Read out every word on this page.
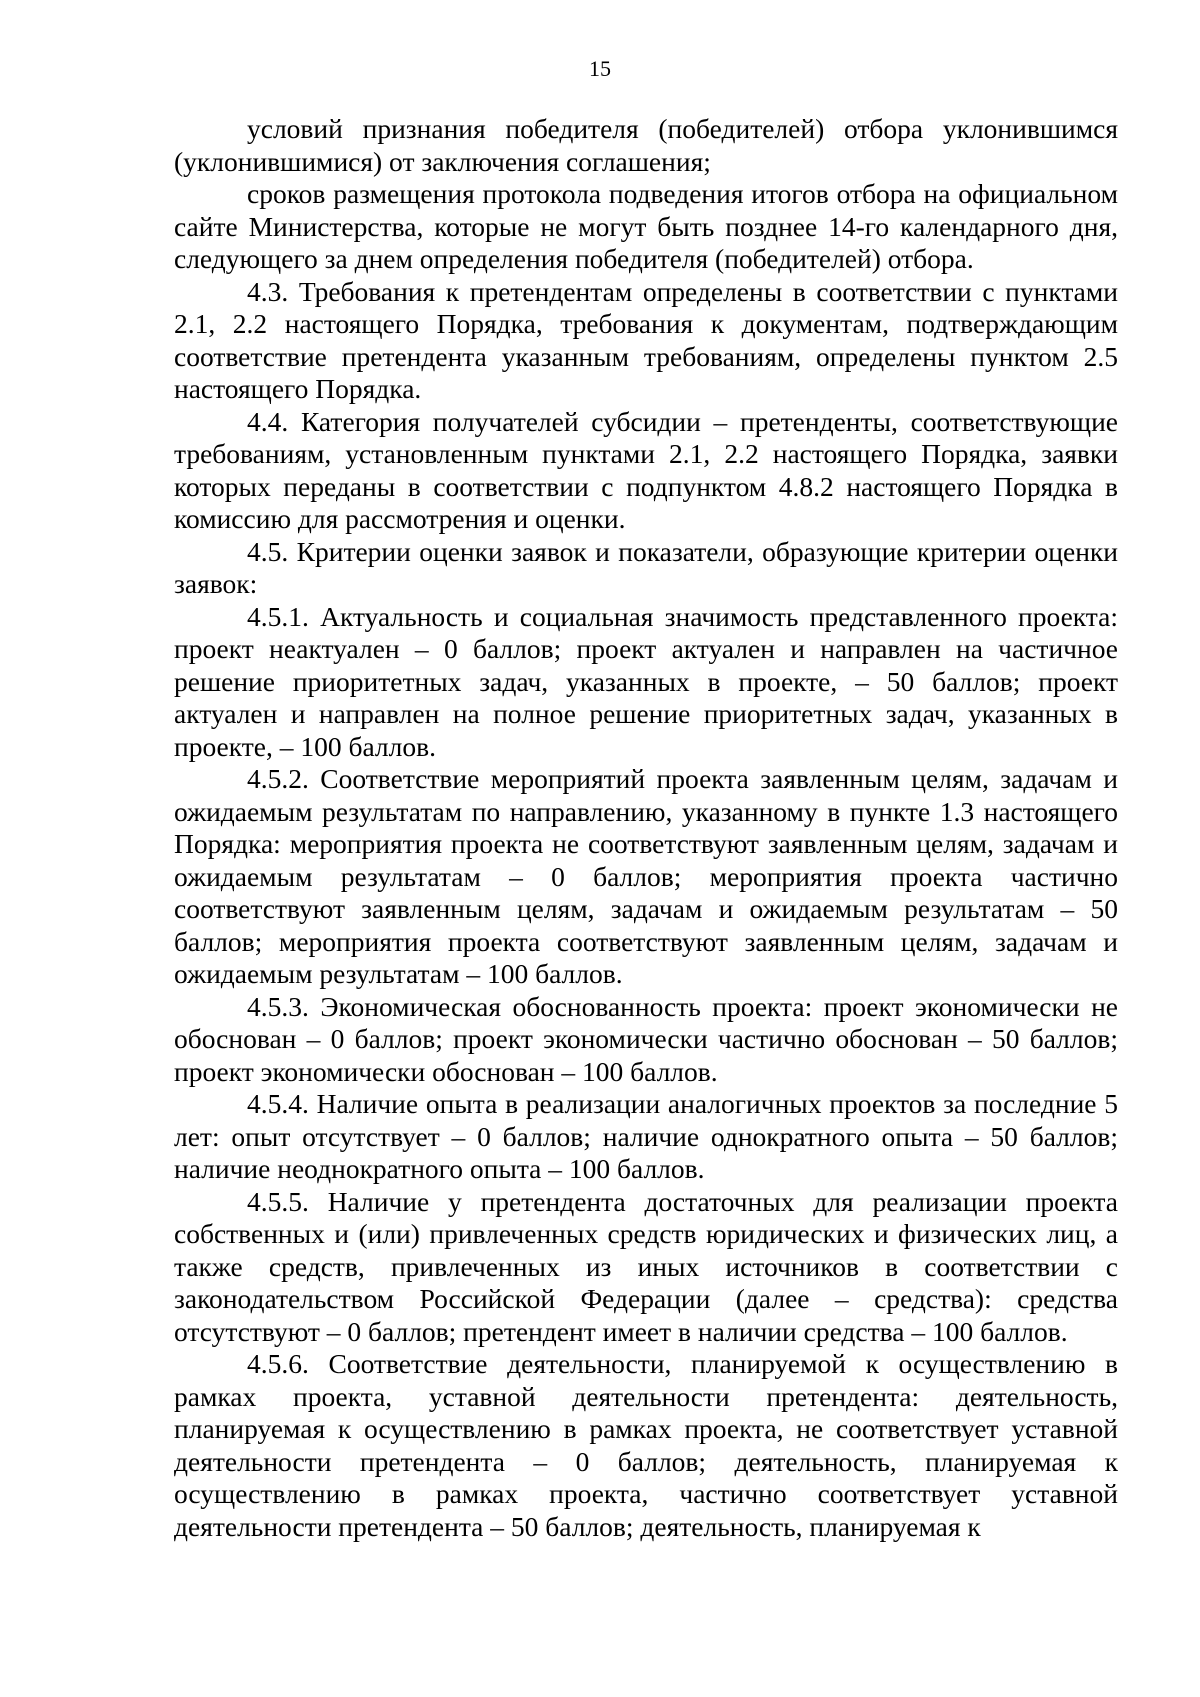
15

условий признания победителя (победителей) отбора уклонившимся (уклонившимися) от заключения соглашения;

сроков размещения протокола подведения итогов отбора на официальном сайте Министерства, которые не могут быть позднее 14-го календарного дня, следующего за днем определения победителя (победителей) отбора.

4.3. Требования к претендентам определены в соответствии с пунктами 2.1, 2.2 настоящего Порядка, требования к документам, подтверждающим соответствие претендента указанным требованиям, определены пунктом 2.5 настоящего Порядка.

4.4. Категория получателей субсидии – претенденты, соответствующие требованиям, установленным пунктами 2.1, 2.2 настоящего Порядка, заявки которых переданы в соответствии с подпунктом 4.8.2 настоящего Порядка в комиссию для рассмотрения и оценки.

4.5. Критерии оценки заявок и показатели, образующие критерии оценки заявок:

4.5.1. Актуальность и социальная значимость представленного проекта: проект неактуален – 0 баллов; проект актуален и направлен на частичное решение приоритетных задач, указанных в проекте, – 50 баллов; проект актуален и направлен на полное решение приоритетных задач, указанных в проекте, – 100 баллов.

4.5.2. Соответствие мероприятий проекта заявленным целям, задачам и ожидаемым результатам по направлению, указанному в пункте 1.3 настоящего Порядка: мероприятия проекта не соответствуют заявленным целям, задачам и ожидаемым результатам – 0 баллов; мероприятия проекта частично соответствуют заявленным целям, задачам и ожидаемым результатам – 50 баллов; мероприятия проекта соответствуют заявленным целям, задачам и ожидаемым результатам – 100 баллов.

4.5.3. Экономическая обоснованность проекта: проект экономически не обоснован – 0 баллов; проект экономически частично обоснован – 50 баллов; проект экономически обоснован – 100 баллов.

4.5.4. Наличие опыта в реализации аналогичных проектов за последние 5 лет: опыт отсутствует – 0 баллов; наличие однократного опыта – 50 баллов; наличие неоднократного опыта – 100 баллов.

4.5.5. Наличие у претендента достаточных для реализации проекта собственных и (или) привлеченных средств юридических и физических лиц, а также средств, привлеченных из иных источников в соответствии с законодательством Российской Федерации (далее – средства): средства отсутствуют – 0 баллов; претендент имеет в наличии средства – 100 баллов.

4.5.6. Соответствие деятельности, планируемой к осуществлению в рамках проекта, уставной деятельности претендента: деятельность, планируемая к осуществлению в рамках проекта, не соответствует уставной деятельности претендента – 0 баллов; деятельность, планируемая к осуществлению в рамках проекта, частично соответствует уставной деятельности претендента – 50 баллов; деятельность, планируемая к
